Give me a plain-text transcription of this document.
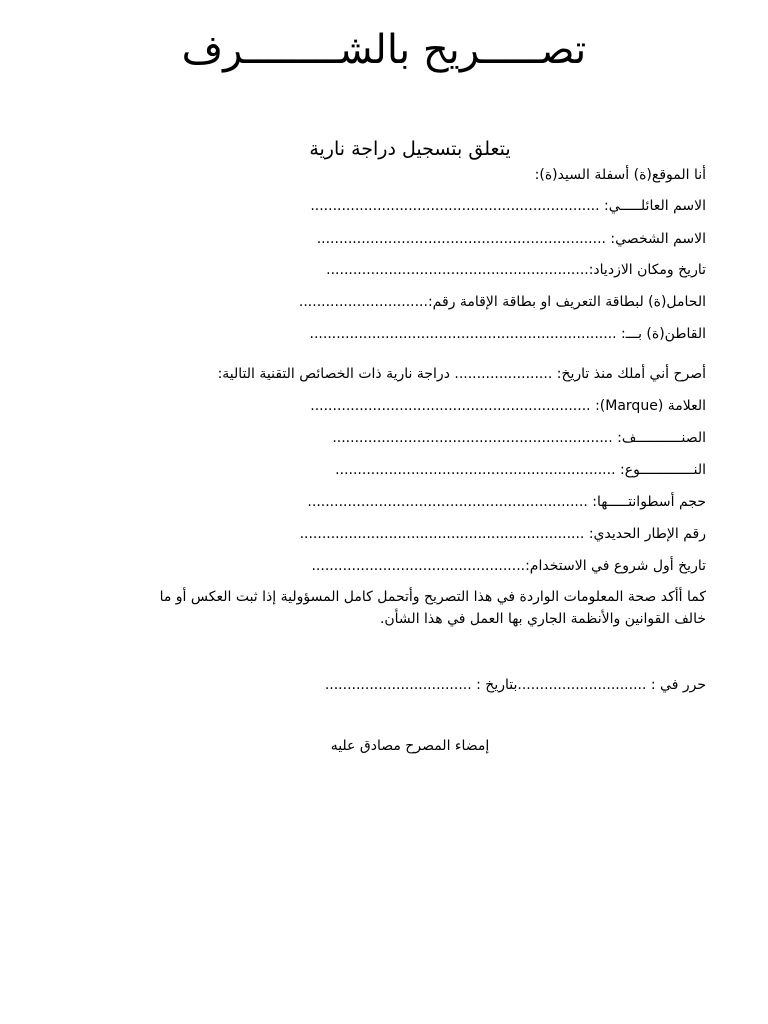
تصـــــريح بالشــــــــرف
يتعلق بتسجيل دراجة نارية
أنا الموقع(ة) أسفلة السيد(ة):
الاسم العائلـــــي: .................................................................
الاسم الشخصي: .................................................................
تاريخ ومكان الازدياد:...........................................................
الحامل(ة) لبطاقة التعريف او بطاقة الإقامة رقم:.............................
القاطن(ة) بـــ: .....................................................................
أصرح أني أملك منذ تاريخ: ...................... دراجة نارية ذات الخصائص التقنية التالية:
العلامة (Marque): ...............................................................
الصنـــــــــــف: ...............................................................
النـــــــــــــوع: ...............................................................
حجم أسطوانتـــــها: ...............................................................
رقم الإطار الحديدي: ................................................................
تاريخ أول شروع في الاستخدام:................................................
كما أأكد صحة المعلومات الواردة في هذا التصريح وأتحمل كامل المسؤولية إذا ثبت العكس أو ما خالف القوانين والأنظمة الجاري بها العمل في هذا الشأن.
حرر في : .............................بتاريخ : .................................
إمضاء المصرح مصادق عليه
